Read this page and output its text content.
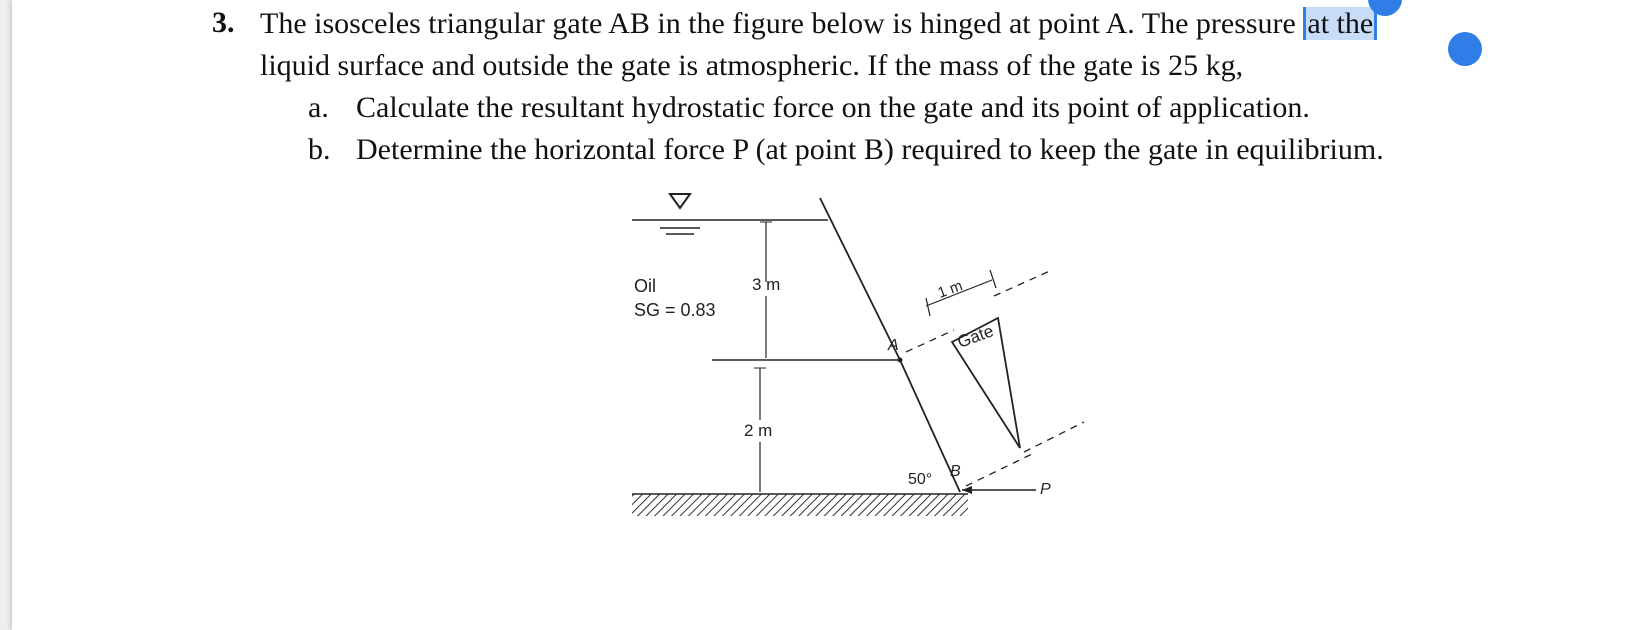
3. The isosceles triangular gate AB in the figure below is hinged at point A. The pressure at the
liquid surface and outside the gate is atmospheric. If the mass of the gate is 25 kg,
a. Calculate the resultant hydrostatic force on the gate and its point of application.
b. Determine the horizontal force P (at point B) required to keep the gate in equilibrium.
3 m
2 m
Oil
SG = 0.83
A	Gate
1 m
B
50°
P
